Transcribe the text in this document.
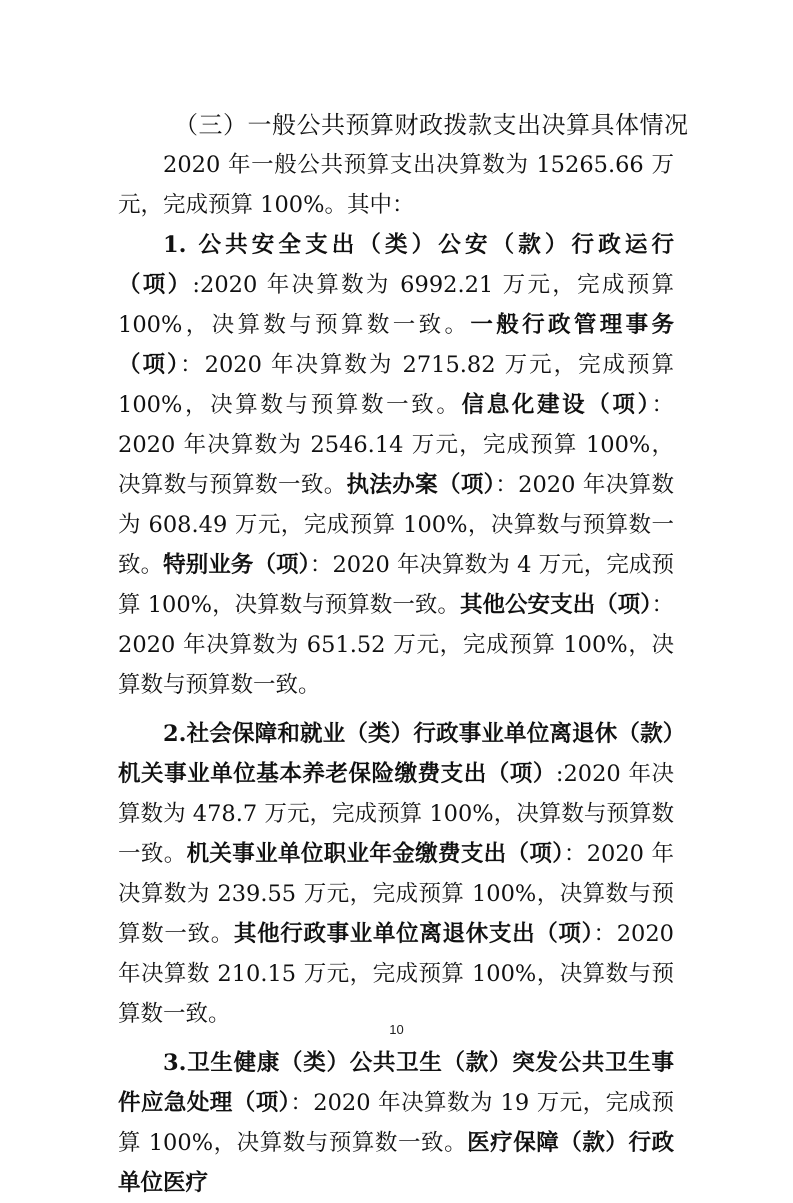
（三）一般公共预算财政拨款支出决算具体情况

2020 年一般公共预算支出决算数为 15265.66 万元，完成预算 100%。其中：

1. 公共安全支出（类）公安（款）行政运行（项）:2020 年决算数为 6992.21 万元，完成预算 100%，决算数与预算数一致。一般行政管理事务（项）：2020 年决算数为 2715.82 万元，完成预算 100%，决算数与预算数一致。信息化建设（项）：2020 年决算数为 2546.14 万元，完成预算 100%，决算数与预算数一致。执法办案（项）：2020 年决算数为 608.49 万元，完成预算 100%，决算数与预算数一致。特别业务（项）：2020 年决算数为 4 万元，完成预算 100%，决算数与预算数一致。其他公安支出（项）：2020 年决算数为 651.52 万元，完成预算 100%，决算数与预算数一致。

2.社会保障和就业（类）行政事业单位离退休（款）机关事业单位基本养老保险缴费支出（项）:2020 年决算数为 478.7 万元，完成预算 100%，决算数与预算数一致。机关事业单位职业年金缴费支出（项）：2020 年决算数为 239.55 万元，完成预算 100%，决算数与预算数一致。其他行政事业单位离退休支出（项）：2020 年决算数 210.15 万元，完成预算 100%，决算数与预算数一致。

3.卫生健康（类）公共卫生（款）突发公共卫生事件应急处理（项）：2020 年决算数为 19 万元，完成预算 100%，决算数与预算数一致。医疗保障（款）行政单位医疗

10
